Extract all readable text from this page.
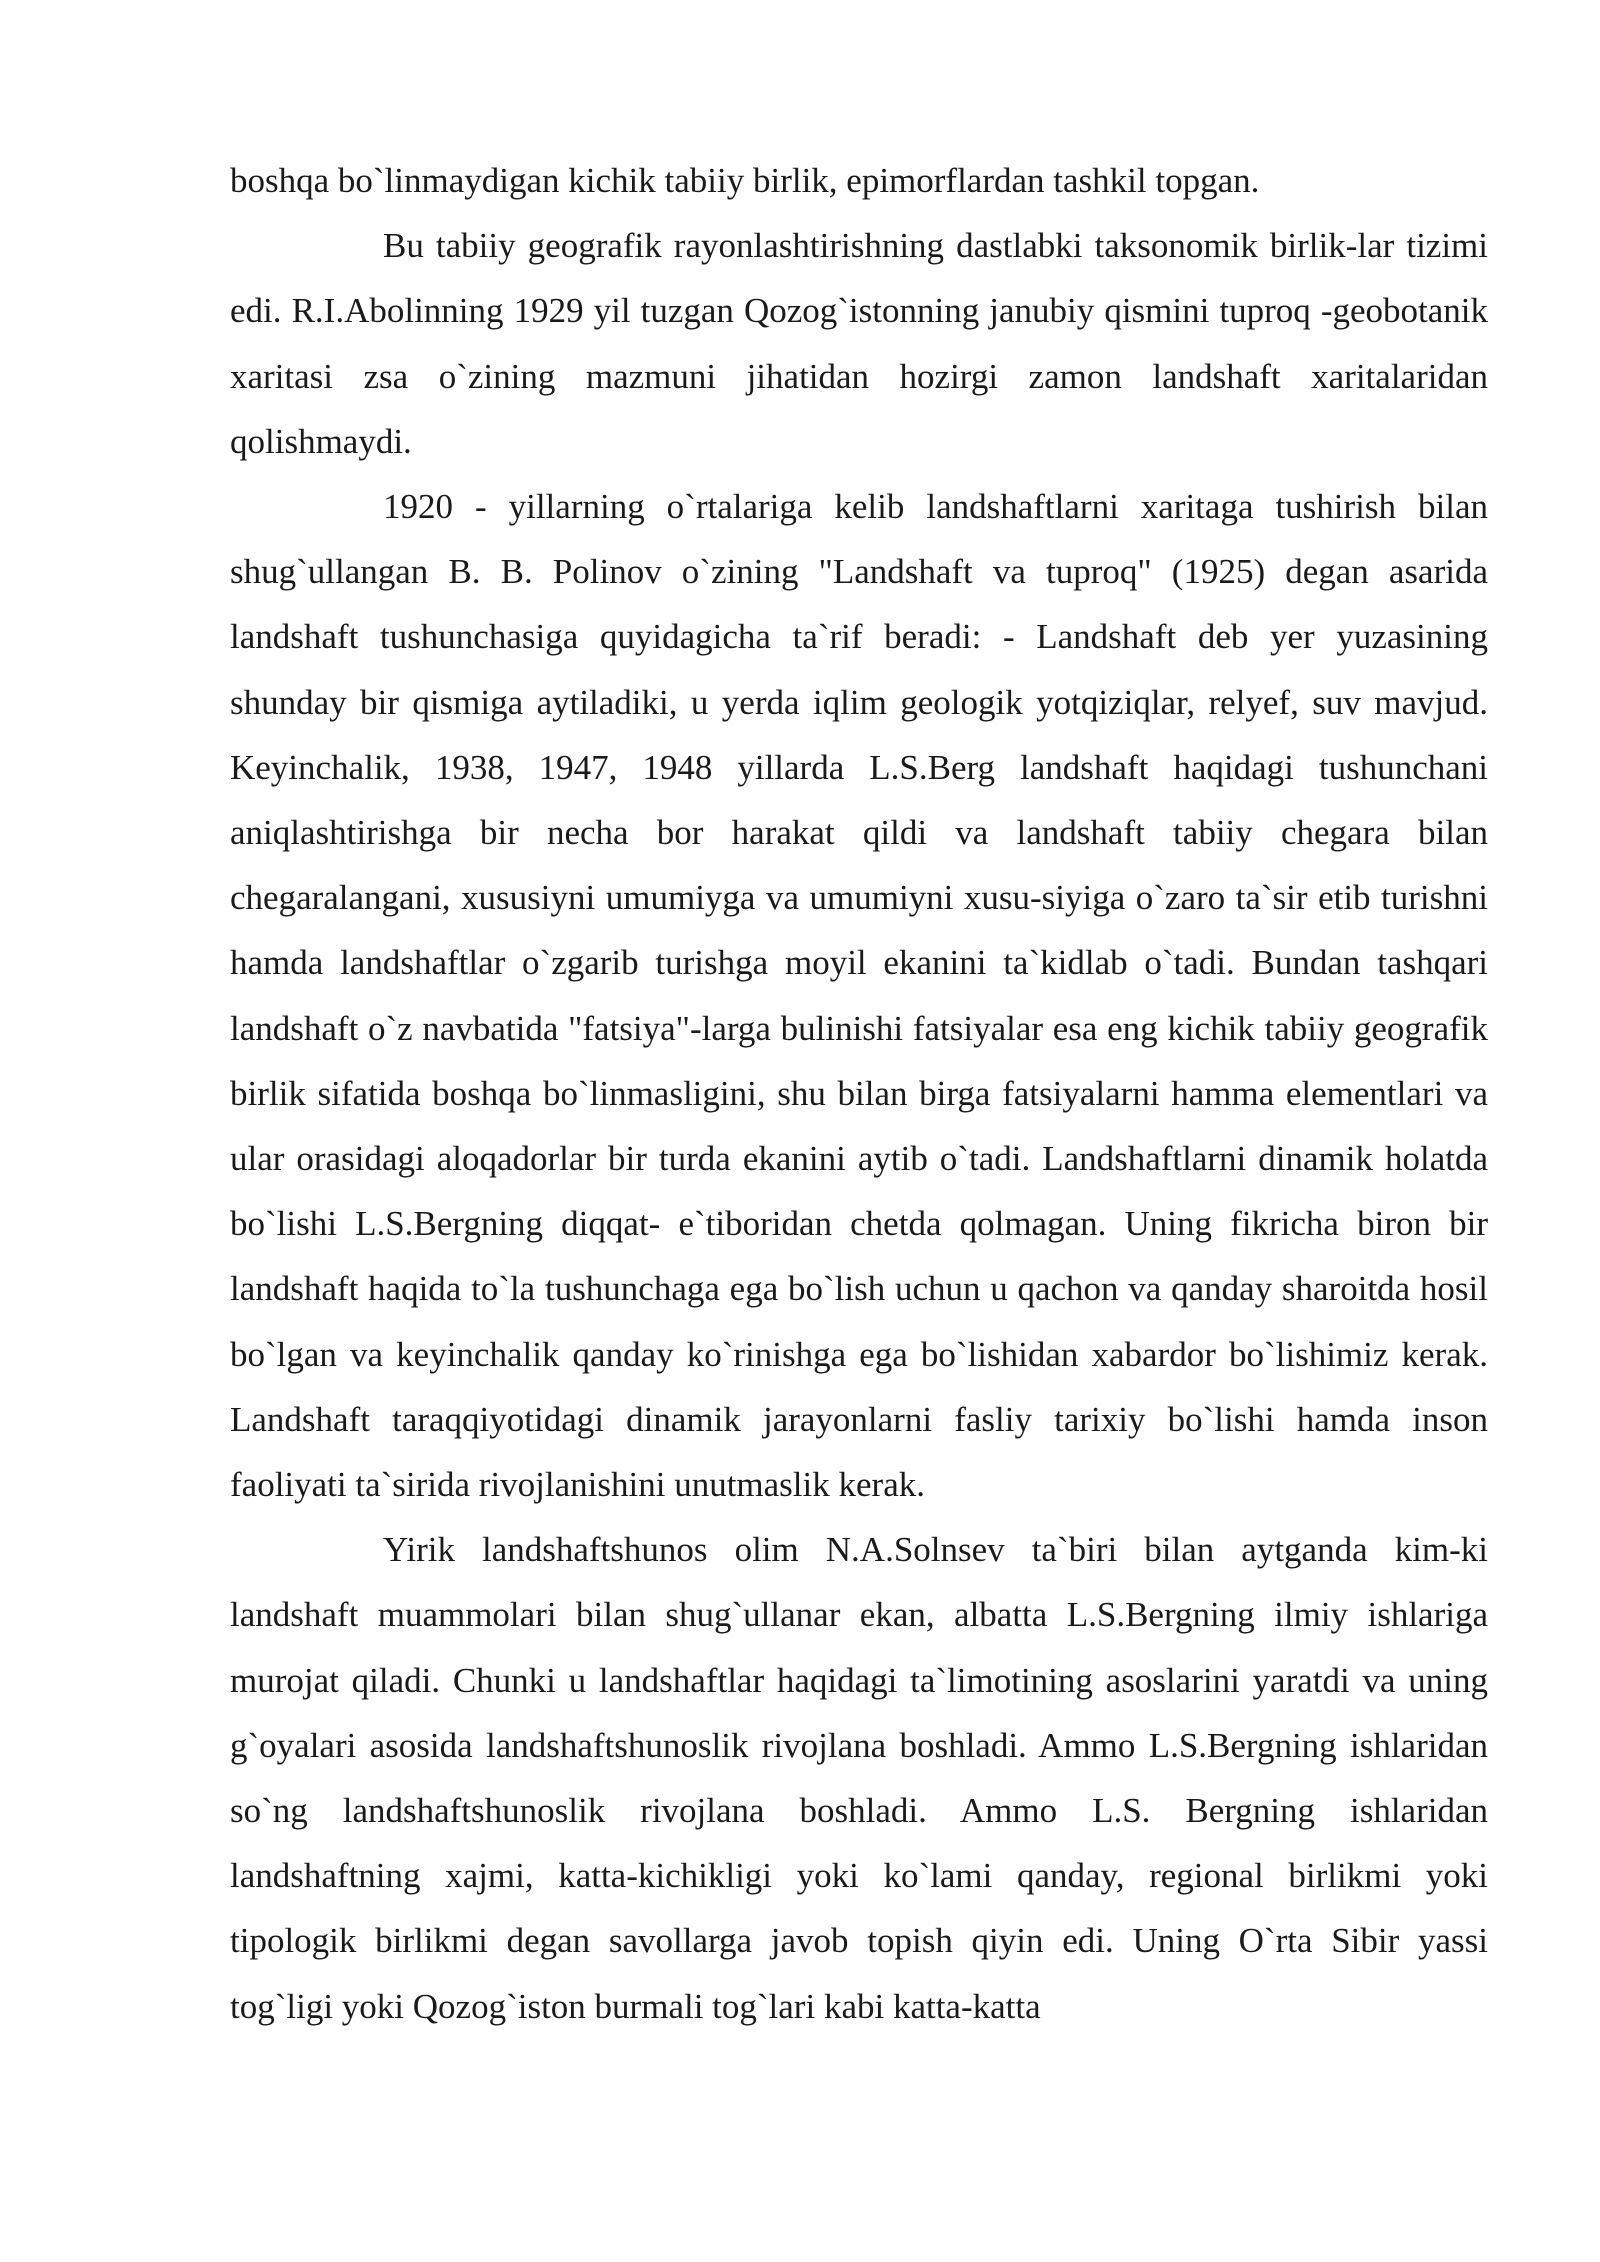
boshqa bo`linmaydigan kichik tabiiy birlik, epimorflardan tashkil topgan.

Bu tabiiy geografik rayonlashtirishning dastlabki taksonomik birlik-lar tizimi edi. R.I.Abolinning 1929 yil tuzgan Qozog`istonning janubiy qismini tuproq -geobotanik xaritasi zsa o`zining mazmuni jihatidan hozirgi zamon landshaft xaritalaridan qolishmaydi.

1920 - yillarning o`rtalariga kelib landshaftlarni xaritaga tushirish bilan shug`ullangan B. B. Polinov o`zining "Landshaft va tuproq" (1925) degan asarida landshaft tushunchasiga quyidagicha ta`rif beradi: - Landshaft deb yer yuzasining shunday bir qismiga aytiladiki, u yerda iqlim geologik yotqiziqlar, relyef, suv mavjud. Keyinchalik, 1938, 1947, 1948 yillarda L.S.Berg landshaft haqidagi tushunchani aniqlashtirishga bir necha bor harakat qildi va landshaft tabiiy chegara bilan chegaralangani, xususiyni umumiyga va umumiyni xusu-siyiga o`zaro ta`sir etib turishni hamda landshaftlar o`zgarib turishga moyil ekanini ta`kidlab o`tadi. Bundan tashqari landshaft o`z navbatida "fatsiya"-larga bulinishi fatsiyalar esa eng kichik tabiiy geografik birlik sifatida boshqa bo`linmasligini, shu bilan birga fatsiyalarni hamma elementlari va ular orasidagi aloqadorlar bir turda ekanini aytib o`tadi. Landshaftlarni dinamik holatda bo`lishi L.S.Bergning diqqat- e`tiboridan chetda qolmagan. Uning fikricha biron bir landshaft haqida to`la tushunchaga ega bo`lish uchun u qachon va qanday sharoitda hosil bo`lgan va keyinchalik qanday ko`rinishga ega bo`lishidan xabardor bo`lishimiz kerak. Landshaft taraqqiyotidagi dinamik jarayonlarni fasliy tarixiy bo`lishi hamda inson faoliyati ta`sirida rivojlanishini unutmaslik kerak.

Yirik landshaftshunos olim N.A.Solnsev ta`biri bilan aytganda kim-ki landshaft muammolari bilan shug`ullanar ekan, albatta L.S.Bergning ilmiy ishlariga murojat qiladi. Chunki u landshaftlar haqidagi ta`limotining asoslarini yaratdi va uning g`oyalari asosida landshaftshunoslik rivojlana boshladi. Ammo L.S.Bergning ishlaridan so`ng landshaftshunoslik rivojlana boshladi. Ammo L.S. Bergning ishlaridan landshaftning xajmi, katta-kichikligi yoki ko`lami qanday, regional birlikmi yoki tipologik birlikmi degan savollarga javob topish qiyin edi. Uning O`rta Sibir yassi tog`ligi yoki Qozog`iston burmali tog`lari kabi katta-katta
